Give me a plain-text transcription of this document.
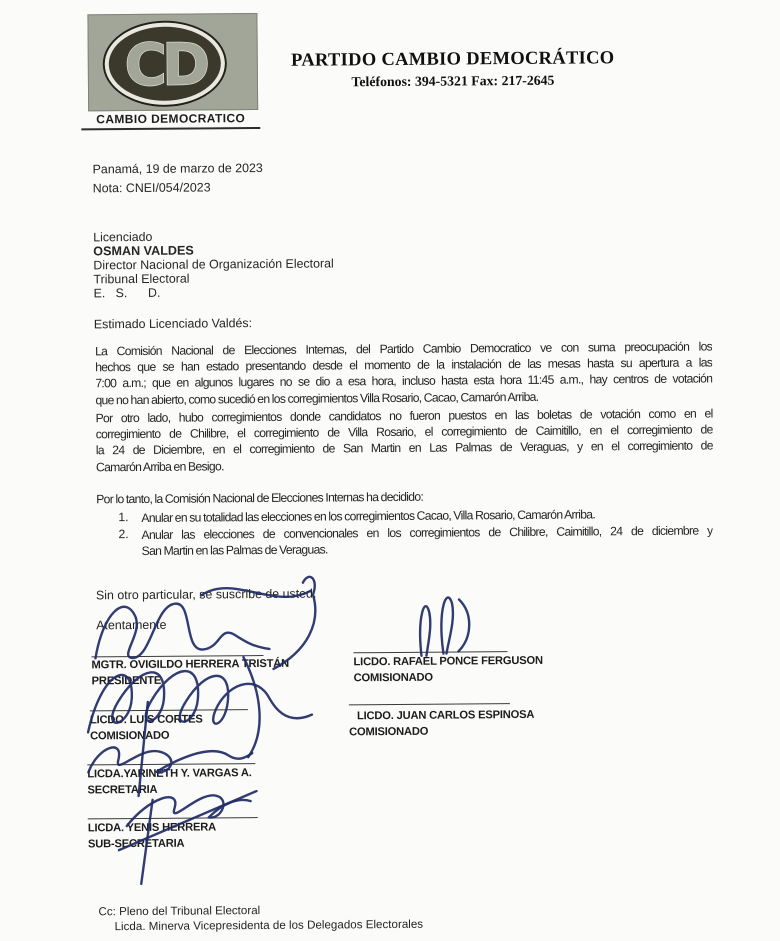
CD
CAMBIO DEMOCRATICO
PARTIDO CAMBIO DEMOCRÁTICO
Teléfonos: 394-5321 Fax: 217-2645
Panamá, 19 de marzo de 2023
Nota: CNEI/054/2023
Licenciado
OSMAN VALDES
Director Nacional de Organización Electoral
Tribunal Electoral
E.   S.      D.
Estimado Licenciado Valdés:
La Comisión Nacional de Elecciones Internas, del Partido Cambio Democratico ve con suma preocupación los
hechos que se han estado presentando desde el momento de la instalación de las mesas hasta su apertura a las
7:00 a.m.; que en algunos lugares no se dio a esa hora, incluso hasta esta hora 11:45 a.m., hay centros de votación
que no han abierto, como sucedió en los corregimientos Villa Rosario, Cacao, Camarón Arriba.
Por otro lado, hubo corregimientos donde candidatos no fueron puestos en las boletas de votación como en el
corregimiento de Chilibre, el corregimiento de Villa Rosario, el corregimiento de Caimitillo, en el corregimiento de
la 24 de Diciembre, en el corregimiento de San Martin en Las Palmas de Veraguas, y en el corregimiento de
Camarón Arriba en Besigo.
Por lo tanto, la Comisión Nacional de Elecciones Internas ha decidido:
1. Anular en su totalidad las elecciones en los corregimientos Cacao, Villa Rosario, Camarón Arriba.
2. Anular las elecciones de convencionales en los corregimientos de Chilibre, Caimitillo, 24 de diciembre y
San Martin en las Palmas de Veraguas.
Sin otro particular, se suscribe de usted.
Atentamente
MGTR. OVIGILDO HERRERA TRISTÁN
PRESIDENTE
LICDO. LUIS CORTES
COMISIONADO
LICDA.YARINETH Y. VARGAS A.
SECRETARIA
LICDA. YENIS HERRERA
SUB-SECRETARIA
LICDO. RAFAEL PONCE FERGUSON
COMISIONADO
LICDO. JUAN CARLOS ESPINOSA
COMISIONADO
Cc: Pleno del Tribunal Electoral
Licda. Minerva Vicepresidenta de los Delegados Electorales
